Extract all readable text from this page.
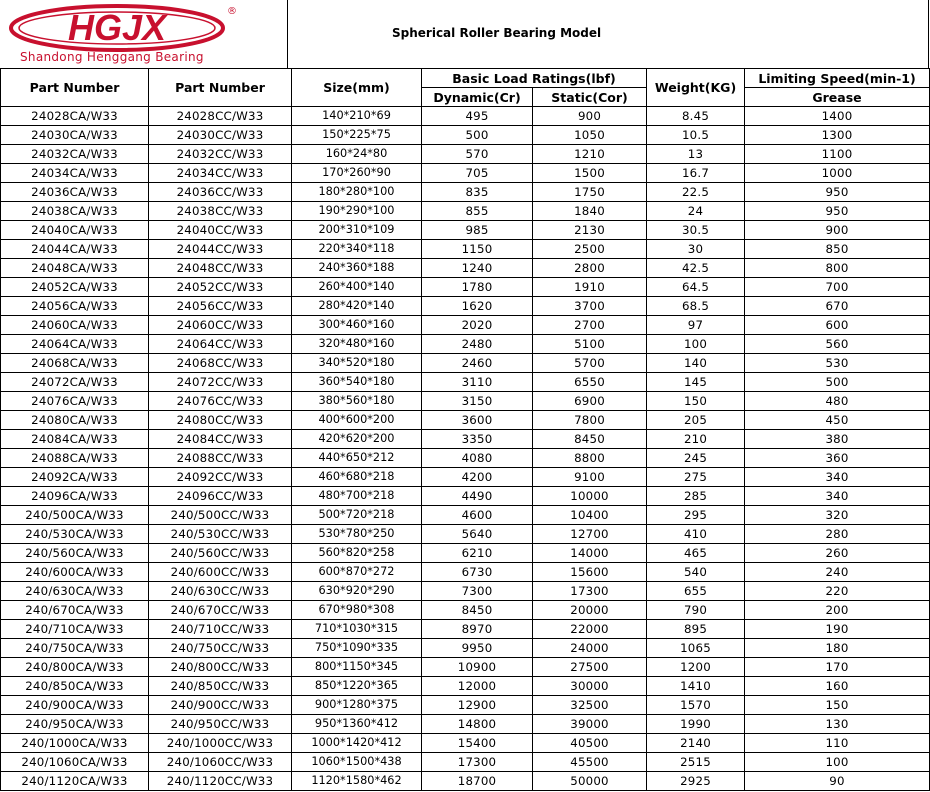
HGJX	®
Shandong Henggang Bearing
Spherical Roller Bearing Model
Part Number	Part Number	Size(mm)	Basic Load Ratings(lbf)		Weight(KG)	Limiting Speed(min-1)
			Dynamic(Cr)	Static(Cor)		Grease
24028CA/W33	24028CC/W33	140*210*69	495	900	8.45	1400
24030CA/W33	24030CC/W33	150*225*75	500	1050	10.5	1300
24032CA/W33	24032CC/W33	160*24*80	570	1210	13	1100
24034CA/W33	24034CC/W33	170*260*90	705	1500	16.7	1000
24036CA/W33	24036CC/W33	180*280*100	835	1750	22.5	950
24038CA/W33	24038CC/W33	190*290*100	855	1840	24	950
24040CA/W33	24040CC/W33	200*310*109	985	2130	30.5	900
24044CA/W33	24044CC/W33	220*340*118	1150	2500	30	850
24048CA/W33	24048CC/W33	240*360*188	1240	2800	42.5	800
24052CA/W33	24052CC/W33	260*400*140	1780	1910	64.5	700
24056CA/W33	24056CC/W33	280*420*140	1620	3700	68.5	670
24060CA/W33	24060CC/W33	300*460*160	2020	2700	97	600
24064CA/W33	24064CC/W33	320*480*160	2480	5100	100	560
24068CA/W33	24068CC/W33	340*520*180	2460	5700	140	530
24072CA/W33	24072CC/W33	360*540*180	3110	6550	145	500
24076CA/W33	24076CC/W33	380*560*180	3150	6900	150	480
24080CA/W33	24080CC/W33	400*600*200	3600	7800	205	450
24084CA/W33	24084CC/W33	420*620*200	3350	8450	210	380
24088CA/W33	24088CC/W33	440*650*212	4080	8800	245	360
24092CA/W33	24092CC/W33	460*680*218	4200	9100	275	340
24096CA/W33	24096CC/W33	480*700*218	4490	10000	285	340
240/500CA/W33	240/500CC/W33	500*720*218	4600	10400	295	320
240/530CA/W33	240/530CC/W33	530*780*250	5640	12700	410	280
240/560CA/W33	240/560CC/W33	560*820*258	6210	14000	465	260
240/600CA/W33	240/600CC/W33	600*870*272	6730	15600	540	240
240/630CA/W33	240/630CC/W33	630*920*290	7300	17300	655	220
240/670CA/W33	240/670CC/W33	670*980*308	8450	20000	790	200
240/710CA/W33	240/710CC/W33	710*1030*315	8970	22000	895	190
240/750CA/W33	240/750CC/W33	750*1090*335	9950	24000	1065	180
240/800CA/W33	240/800CC/W33	800*1150*345	10900	27500	1200	170
240/850CA/W33	240/850CC/W33	850*1220*365	12000	30000	1410	160
240/900CA/W33	240/900CC/W33	900*1280*375	12900	32500	1570	150
240/950CA/W33	240/950CC/W33	950*1360*412	14800	39000	1990	130
240/1000CA/W33	240/1000CC/W33	1000*1420*412	15400	40500	2140	110
240/1060CA/W33	240/1060CC/W33	1060*1500*438	17300	45500	2515	100
240/1120CA/W33	240/1120CC/W33	1120*1580*462	18700	50000	2925	90
